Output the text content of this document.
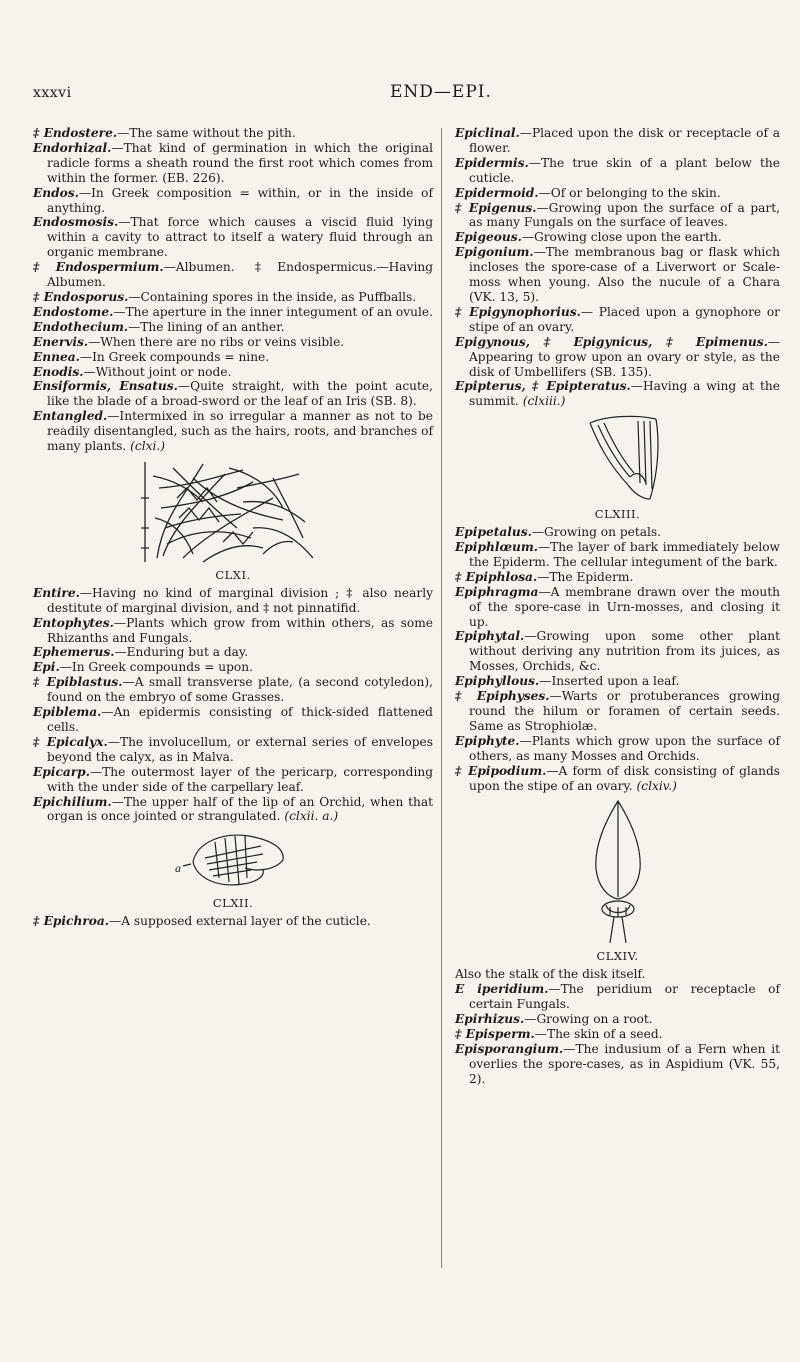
xxxvi	END—EPI.

‡ Endostere.—The same without the pith.

Endorhizal.—That kind of germination in which the original radicle forms a sheath round the first root which comes from within the former. (EB. 226).

Endos.—In Greek composition = within, or in the inside of anything.

Endosmosis.—That force which causes a viscid fluid lying within a cavity to attract to itself a watery fluid through an organic membrane.

‡Endospermium.—Albumen. ‡Endospermicus.—Having Albumen.

‡ Endosporus.—Containing spores in the inside, as Puffballs.

Endostome.—The aperture in the inner integument of an ovule.

Endothecium.—The lining of an anther.

Enervis.—When there are no ribs or veins visible.

Ennea.—In Greek compounds = nine.

Enodis.—Without joint or node.

Ensiformis, Ensatus.—Quite straight, with the point acute, like the blade of a broad-sword or the leaf of an Iris (SB. 8).

Entangled.—Intermixed in so irregular a manner as not to be readily disentangled, such as the hairs, roots, and branches of many plants. (clxi.)

CLXI.

Entire.—Having no kind of marginal division ; ‡ also nearly destitute of marginal division, and ‡ not pinnatifid.

Entophytes.—Plants which grow from within others, as some Rhizanths and Fungals.

Ephemerus.—Enduring but a day.

Epi.—In Greek compounds = upon.

‡ Epiblastus.—A small transverse plate, (a second cotyledon), found on the embryo of some Grasses.

Epiblema.—An epidermis consisting of thick-sided flattened cells.

‡ Epicalyx.—The involucellum, or external series of envelopes beyond the calyx, as in Malva.

Epicarp.—The outermost layer of the pericarp, corresponding with the under side of the carpellary leaf.

Epichilium.—The upper half of the lip of an Orchid, when that organ is once jointed or strangulated. (clxii. a.)

a
CLXII.

‡ Epichroa.—A supposed external layer of the cuticle.

Epiclinal.—Placed upon the disk or receptacle of a flower.

Epidermis.—The true skin of a plant below the cuticle.

Epidermoid.—Of or belonging to the skin.

‡ Epigenus.—Growing upon the surface of a part, as many Fungals on the surface of leaves.

Epigeous.—Growing close upon the earth.

Epigonium.—The membranous bag or flask which incloses the spore-case of a Liverwort or Scale-moss when young. Also the nucule of a Chara (VK. 13, 5).

‡ Epigynophorius.— Placed upon a gynophore or stipe of an ovary.

Epigynous, ‡ Epigynicus, ‡ Epimenus.—Appearing to grow upon an ovary or style, as the disk of Umbellifers (SB. 135).

Epipterus, ‡ Epipteratus.—Having a wing at the summit. (clxiii.)

CLXIII.

Epipetalus.—Growing on petals.

Epiphlœum.—The layer of bark immediately below the Epiderm. The cellular integument of the bark.

‡ Epiphlosa.—The Epiderm.

Epiphragma—A membrane drawn over the mouth of the spore-case in Urn-mosses, and closing it up.

Epiphytal.—Growing upon some other plant without deriving any nutrition from its juices, as Mosses, Orchids, &c.

Epiphyllous.—Inserted upon a leaf.

‡ Epiphyses.—Warts or protuberances growing round the hilum or foramen of certain seeds. Same as Strophiolæ.

Epiphyte.—Plants which grow upon the surface of others, as many Mosses and Orchids.

‡ Epipodium.—A form of disk consisting of glands upon the stipe of an ovary. (clxiv.)

CLXIV.
Also the stalk of the disk itself.

E iperidium.—The peridium or receptacle of certain Fungals.

Epirhizus.—Growing on a root.

‡ Episperm.—The skin of a seed.

Episporangium.—The indusium of a Fern when it overlies the spore-cases, as in Aspidium (VK. 55, 2).
